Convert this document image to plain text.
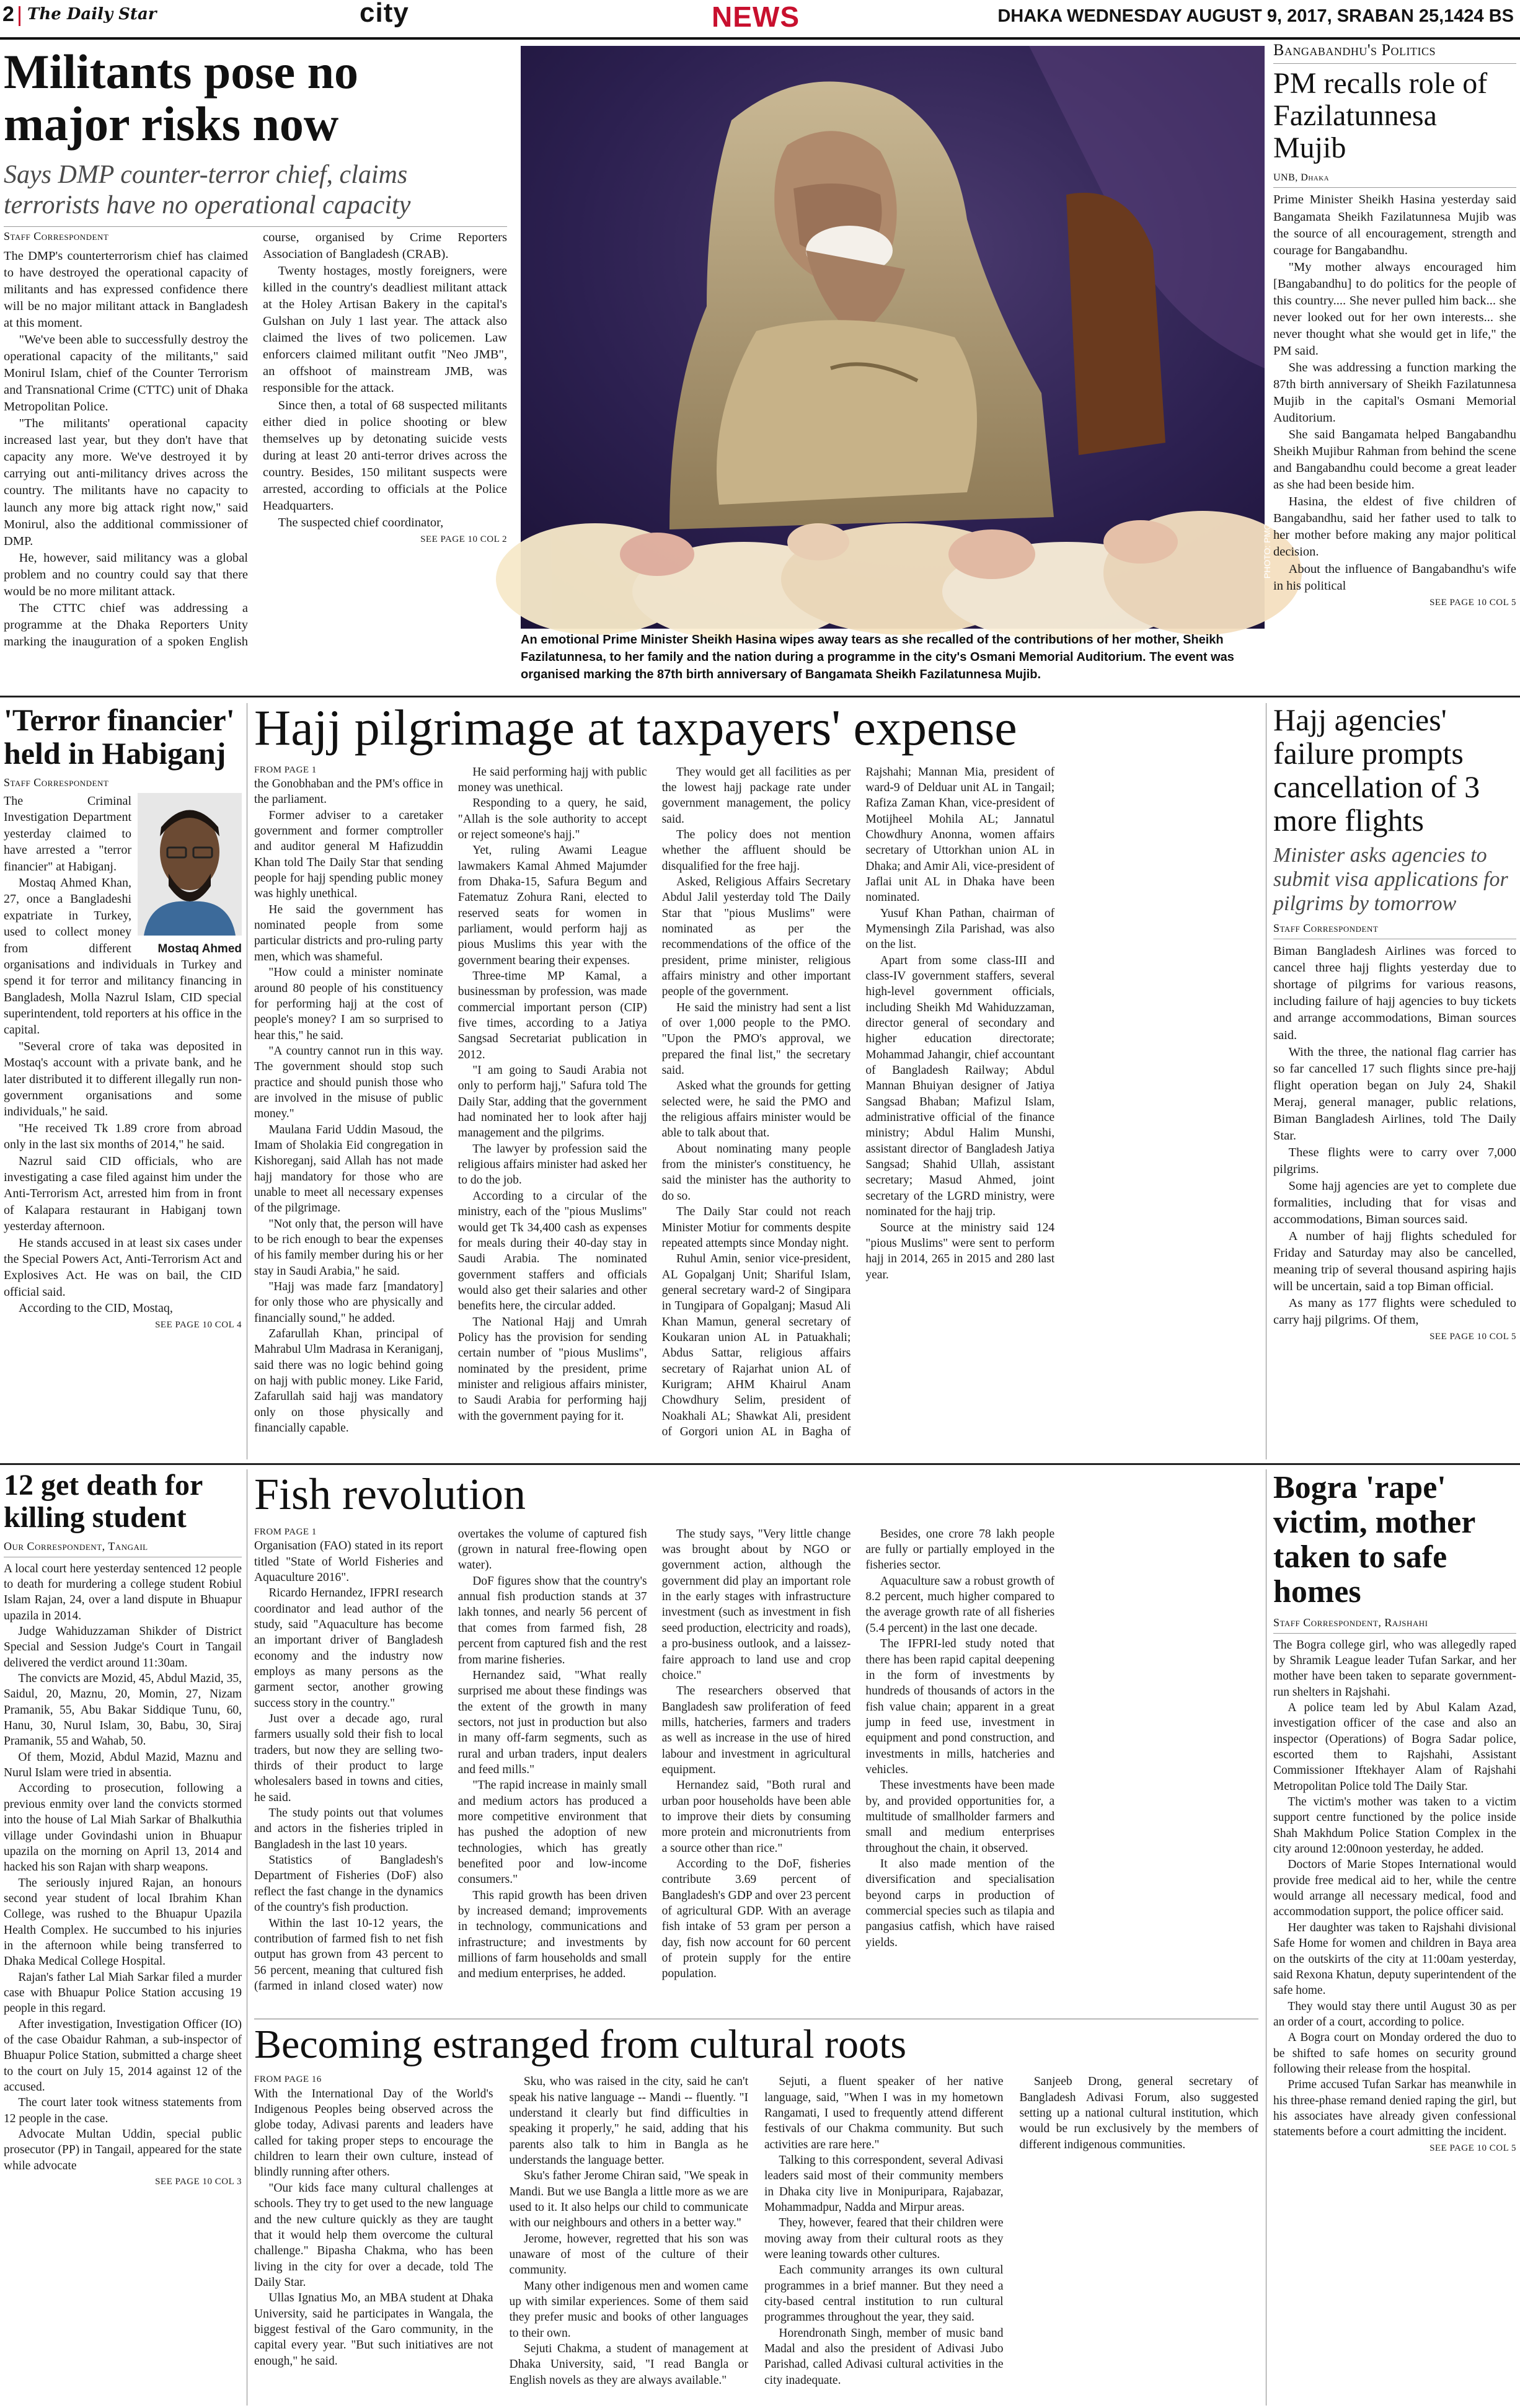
2 The Daily Star	city	NEWS	DHAKA WEDNESDAY AUGUST 9, 2017, SRABAN 25,1424 BS
Militants pose no major risks now
Says DMP counter-terror chief, claims terrorists have no operational capacity
Staff Correspondent

The DMP's counterterrorism chief has claimed to have destroyed the operational capacity of militants and has expressed confidence there will be no major militant attack in Bangladesh at this moment.

"We've been able to successfully destroy the operational capacity of the militants," said Monirul Islam, chief of the Counter Terrorism and Transnational Crime (CTTC) unit of Dhaka Metropolitan Police.

"The militants' operational capacity increased last year, but they don't have that capacity any more. We've destroyed it by carrying out anti-militancy drives across the country. The militants have no capacity to launch any more big attack right now," said Monirul, also the additional commissioner of DMP.

He, however, said militancy was a global problem and no country could say that there would be no more militant attack.

The CTTC chief was addressing a programme at the Dhaka Reporters Unity marking the inauguration of a spoken English course, organised by Crime Reporters Association of Bangladesh (CRAB).

Twenty hostages, mostly foreigners, were killed in the country's deadliest militant attack at the Holey Artisan Bakery in the capital's Gulshan on July 1 last year. The attack also claimed the lives of two policemen. Law enforcers claimed militant outfit "Neo JMB", an offshoot of mainstream JMB, was responsible for the attack.

Since then, a total of 68 suspected militants either died in police shooting or blew themselves up by detonating suicide vests during at least 20 anti-terror drives across the country. Besides, 150 militant suspects were arrested, according to officials at the Police Headquarters.

The suspected chief coordinator,

SEE PAGE 10 COL 2	PHOTO: PMO
An emotional Prime Minister Sheikh Hasina wipes away tears as she recalled of the contributions of her mother, Sheikh Fazilatunnesa, to her family and the nation during a programme in the city's Osmani Memorial Auditorium. The event was organised marking the 87th birth anniversary of Bangamata Sheikh Fazilatunnesa Mujib.
Bangabandhu's Politics
PM recalls role of Fazilatunnesa Mujib
UNB, Dhaka

Prime Minister Sheikh Hasina yesterday said Bangamata Sheikh Fazilatunnesa Mujib was the source of all encouragement, strength and courage for Bangabandhu.

"My mother always encouraged him [Bangabandhu] to do politics for the people of this country.... She never pulled him back... she never looked out for her own interests... she never thought what she would get in life," the PM said.

She was addressing a function marking the 87th birth anniversary of Sheikh Fazilatunnesa Mujib in the capital's Osmani Memorial Auditorium.

She said Bangamata helped Bangabandhu Sheikh Mujibur Rahman from behind the scene and Bangabandhu could become a great leader as she had been beside him.

Hasina, the eldest of five children of Bangabandhu, said her father used to talk to her mother before making any major political decision.

About the influence of Bangabandhu's wife in his political

SEE PAGE 10 COL 5
'Terror financier' held in Habiganj
Staff Correspondent
Mostaq Ahmed

The Criminal Investigation Department yesterday claimed to have arrested a "terror financier" at Habiganj.

Mostaq Ahmed Khan, 27, once a Bangladeshi expatriate in Turkey, used to collect money from different organisations and individuals in Turkey and spend it for terror and militancy financing in Bangladesh, Molla Nazrul Islam, CID special superintendent, told reporters at his office in the capital.

"Several crore of taka was deposited in Mostaq's account with a private bank, and he later distributed it to different illegally run non-government organisations and some individuals," he said.

"He received Tk 1.89 crore from abroad only in the last six months of 2014," he said.

Nazrul said CID officials, who are investigating a case filed against him under the Anti-Terrorism Act, arrested him from in front of Kalapara restaurant in Habiganj town yesterday afternoon.

He stands accused in at least six cases under the Special Powers Act, Anti-Terrorism Act and Explosives Act. He was on bail, the CID official said.

According to the CID, Mostaq,

SEE PAGE 10 COL 4
Hajj pilgrimage at taxpayers' expense
FROM PAGE 1

the Gonobhaban and the PM's office in the parliament.

Former adviser to a caretaker government and former comptroller and auditor general M Hafizuddin Khan told The Daily Star that sending people for hajj spending public money was highly unethical.

He said the government has nominated people from some particular districts and pro-ruling party men, which was shameful.

"How could a minister nominate around 80 people of his constituency for performing hajj at the cost of people's money? I am so surprised to hear this," he said.

"A country cannot run in this way. The government should stop such practice and should punish those who are involved in the misuse of public money."

Maulana Farid Uddin Masoud, the Imam of Sholakia Eid congregation in Kishoreganj, said Allah has not made hajj mandatory for those who are unable to meet all necessary expenses of the pilgrimage.

"Not only that, the person will have to be rich enough to bear the expenses of his family member during his or her stay in Saudi Arabia," he said.

"Hajj was made farz [mandatory] for only those who are physically and financially sound," he added.

Zafarullah Khan, principal of Mahrabul Ulm Madrasa in Keraniganj, said there was no logic behind going on hajj with public money. Like Farid, Zafarullah said hajj was mandatory only on those physically and financially capable.

He said performing hajj with public money was unethical.

Responding to a query, he said, "Allah is the sole authority to accept or reject someone's hajj."

Yet, ruling Awami League lawmakers Kamal Ahmed Majumder from Dhaka-15, Safura Begum and Fatematuz Zohura Rani, elected to reserved seats for women in parliament, would perform hajj as pious Muslims this year with the government bearing their expenses.

Three-time MP Kamal, a businessman by profession, was made commercial important person (CIP) five times, according to a Jatiya Sangsad Secretariat publication in 2012.

"I am going to Saudi Arabia not only to perform hajj," Safura told The Daily Star, adding that the government had nominated her to look after hajj management and the pilgrims.

The lawyer by profession said the religious affairs minister had asked her to do the job.

According to a circular of the ministry, each of the "pious Muslims" would get Tk 34,400 cash as expenses for meals during their 40-day stay in Saudi Arabia. The nominated government staffers and officials would also get their salaries and other benefits here, the circular added.

The National Hajj and Umrah Policy has the provision for sending certain number of "pious Muslims", nominated by the president, prime minister and religious affairs minister, to Saudi Arabia for performing hajj with the government paying for it.

They would get all facilities as per the lowest hajj package rate under government management, the policy said.

The policy does not mention whether the affluent should be disqualified for the free hajj.

Asked, Religious Affairs Secretary Abdul Jalil yesterday told The Daily Star that "pious Muslims" were nominated as per the recommendations of the office of the president, prime minister, religious affairs ministry and other important people of the government.

He said the ministry had sent a list of over 1,000 people to the PMO. "Upon the PMO's approval, we prepared the final list," the secretary said.

Asked what the grounds for getting selected were, he said the PMO and the religious affairs minister would be able to talk about that.

About nominating many people from the minister's constituency, he said the minister has the authority to do so.

The Daily Star could not reach Minister Motiur for comments despite repeated attempts since Monday night.

Ruhul Amin, senior vice-president, AL Gopalganj Unit; Shariful Islam, general secretary ward-2 of Singipara in Tungipara of Gopalganj; Masud Ali Khan Mamun, general secretary of Koukaran union AL in Patuakhali; Abdus Sattar, religious affairs secretary of Rajarhat union AL of Kurigram; AHM Khairul Anam Chowdhury Selim, president of Noakhali AL; Shawkat Ali, president of Gorgori union AL in Bagha of Rajshahi; Mannan Mia, president of ward-9 of Delduar unit AL in Tangail; Rafiza Zaman Khan, vice-president of Motijheel Mohila AL; Jannatul Chowdhury Anonna, women affairs secretary of Uttorkhan union AL in Dhaka; and Amir Ali, vice-president of Jaflai unit AL in Dhaka have been nominated.

Yusuf Khan Pathan, chairman of Mymensingh Zila Parishad, was also on the list.

Apart from some class-III and class-IV government staffers, several high-level government officials, including Sheikh Md Wahiduzzaman, director general of secondary and higher education directorate; Mohammad Jahangir, chief accountant of Bangladesh Railway; Abdul Mannan Bhuiyan designer of Jatiya Sangsad Bhaban; Mafizul Islam, administrative official of the finance ministry; Abdul Halim Munshi, assistant director of Bangladesh Jatiya Sangsad; Shahid Ullah, assistant secretary; Masud Ahmed, joint secretary of the LGRD ministry, were nominated for the hajj trip.

Source at the ministry said 124 "pious Muslims" were sent to perform hajj in 2014, 265 in 2015 and 280 last year.

Hajj agencies' failure prompts cancellation of 3 more flights
Minister asks agencies to submit visa applications for pilgrims by tomorrow
Staff Correspondent

Biman Bangladesh Airlines was forced to cancel three hajj flights yesterday due to shortage of pilgrims for various reasons, including failure of hajj agencies to buy tickets and arrange accommodations, Biman sources said.

With the three, the national flag carrier has so far cancelled 17 such flights since pre-hajj flight operation began on July 24, Shakil Meraj, general manager, public relations, Biman Bangladesh Airlines, told The Daily Star.

These flights were to carry over 7,000 pilgrims.

Some hajj agencies are yet to complete due formalities, including that for visas and accommodations, Biman sources said.

A number of hajj flights scheduled for Friday and Saturday may also be cancelled, meaning trip of several thousand aspiring hajis will be uncertain, said a top Biman official.

As many as 177 flights were scheduled to carry hajj pilgrims. Of them,

SEE PAGE 10 COL 5
12 get death for killing student
Our Correspondent, Tangail

A local court here yesterday sentenced 12 people to death for murdering a college student Robiul Islam Rajan, 24, over a land dispute in Bhuapur upazila in 2014.

Judge Wahiduzzaman Shikder of District Special and Session Judge's Court in Tangail delivered the verdict around 11:30am.

The convicts are Mozid, 45, Abdul Mazid, 35, Saidul, 20, Maznu, 20, Momin, 27, Nizam Pramanik, 55, Abu Bakar Siddique Tunu, 60, Hanu, 30, Nurul Islam, 30, Babu, 30, Siraj Pramanik, 55 and Wahab, 50.

Of them, Mozid, Abdul Mazid, Maznu and Nurul Islam were tried in absentia.

According to prosecution, following a previous enmity over land the convicts stormed into the house of Lal Miah Sarkar of Bhalkuthia village under Govindashi union in Bhuapur upazila on the morning on April 13, 2014 and hacked his son Rajan with sharp weapons.

The seriously injured Rajan, an honours second year student of local Ibrahim Khan College, was rushed to the Bhuapur Upazila Health Complex. He succumbed to his injuries in the afternoon while being transferred to Dhaka Medical College Hospital.

Rajan's father Lal Miah Sarkar filed a murder case with Bhuapur Police Station accusing 19 people in this regard.

After investigation, Investigation Officer (IO) of the case Obaidur Rahman, a sub-inspector of Bhuapur Police Station, submitted a charge sheet to the court on July 15, 2014 against 12 of the accused.

The court later took witness statements from 12 people in the case.

Advocate Multan Uddin, special public prosecutor (PP) in Tangail, appeared for the state while advocate

SEE PAGE 10 COL 3
Fish revolution
FROM PAGE 1

Organisation (FAO) stated in its report titled "State of World Fisheries and Aquaculture 2016".

Ricardo Hernandez, IFPRI research coordinator and lead author of the study, said "Aquaculture has become an important driver of Bangladesh economy and the industry now employs as many persons as the garment sector, another growing success story in the country."

Just over a decade ago, rural farmers usually sold their fish to local traders, but now they are selling two-thirds of their product to large wholesalers based in towns and cities, he said.

The study points out that volumes and actors in the fisheries tripled in Bangladesh in the last 10 years.

Statistics of Bangladesh's Department of Fisheries (DoF) also reflect the fast change in the dynamics of the country's fish production.

Within the last 10-12 years, the contribution of farmed fish to net fish output has grown from 43 percent to 56 percent, meaning that cultured fish (farmed in inland closed water) now overtakes the volume of captured fish (grown in natural free-flowing open water).

DoF figures show that the country's annual fish production stands at 37 lakh tonnes, and nearly 56 percent of that comes from farmed fish, 28 percent from captured fish and the rest from marine fisheries.

Hernandez said, "What really surprised me about these findings was the extent of the growth in many sectors, not just in production but also in many off-farm segments, such as rural and urban traders, input dealers and feed mills."

"The rapid increase in mainly small and medium actors has produced a more competitive environment that has pushed the adoption of new technologies, which has greatly benefited poor and low-income consumers."

This rapid growth has been driven by increased demand; improvements in technology, communications and infrastructure; and investments by millions of farm households and small and medium enterprises, he added.

The study says, "Very little change was brought about by NGO or government action, although the government did play an important role in the early stages with infrastructure investment (such as investment in fish seed production, electricity and roads), a pro-business outlook, and a laissez-faire approach to land use and crop choice."

The researchers observed that Bangladesh saw proliferation of feed mills, hatcheries, farmers and traders as well as increase in the use of hired labour and investment in agricultural equipment.

Hernandez said, "Both rural and urban poor households have been able to improve their diets by consuming more protein and micronutrients from a source other than rice."

According to the DoF, fisheries contribute 3.69 percent of Bangladesh's GDP and over 23 percent of agricultural GDP. With an average fish intake of 53 gram per person a day, fish now account for 60 percent of protein supply for the entire population.

Besides, one crore 78 lakh people are fully or partially employed in the fisheries sector.

Aquaculture saw a robust growth of 8.2 percent, much higher compared to the average growth rate of all fisheries (5.4 percent) in the last one decade.

The IFPRI-led study noted that there has been rapid capital deepening in the form of investments by hundreds of thousands of actors in the fish value chain; apparent in a great jump in feed use, investment in equipment and pond construction, and investments in mills, hatcheries and vehicles.

These investments have been made by, and provided opportunities for, a multitude of smallholder farmers and small and medium enterprises throughout the chain, it observed.

It also made mention of the diversification and specialisation beyond carps in production of commercial species such as tilapia and pangasius catfish, which have raised yields.

Becoming estranged from cultural roots
FROM PAGE 16

With the International Day of the World's Indigenous Peoples being observed across the globe today, Adivasi parents and leaders have called for taking proper steps to encourage the children to learn their own culture, instead of blindly running after others.

"Our kids face many cultural challenges at schools. They try to get used to the new language and the new culture quickly as they are taught that it would help them overcome the cultural challenge." Bipasha Chakma, who has been living in the city for over a decade, told The Daily Star.

Ullas Ignatius Mo, an MBA student at Dhaka University, said he participates in Wangala, the biggest festival of the Garo community, in the capital every year. "But such initiatives are not enough," he said.

Sku, who was raised in the city, said he can't speak his native language -- Mandi -- fluently. "I understand it clearly but find difficulties in speaking it properly," he said, adding that his parents also talk to him in Bangla as he understands the language better.

Sku's father Jerome Chiran said, "We speak in Mandi. But we use Bangla a little more as we are used to it. It also helps our child to communicate with our neighbours and others in a better way."

Jerome, however, regretted that his son was unaware of most of the culture of their community.

Many other indigenous men and women came up with similar experiences. Some of them said they prefer music and books of other languages to their own.

Sejuti Chakma, a student of management at Dhaka University, said, "I read Bangla or English novels as they are always available."

Sejuti, a fluent speaker of her native language, said, "When I was in my hometown Rangamati, I used to frequently attend different festivals of our Chakma community. But such activities are rare here."

Talking to this correspondent, several Adivasi leaders said most of their community members in Dhaka city live in Monipuripara, Rajabazar, Mohammadpur, Nadda and Mirpur areas.

They, however, feared that their children were moving away from their cultural roots as they were leaning towards other cultures.

Each community arranges its own cultural programmes in a brief manner. But they need a city-based central institution to run cultural programmes throughout the year, they said.

Horendronath Singh, member of music band Madal and also the president of Adivasi Jubo Parishad, called Adivasi cultural activities in the city inadequate.

Sanjeeb Drong, general secretary of Bangladesh Adivasi Forum, also suggested setting up a national cultural institution, which would be run exclusively by the members of different indigenous communities.

Bogra 'rape' victim, mother taken to safe homes
Staff Correspondent, Rajshahi

The Bogra college girl, who was allegedly raped by Shramik League leader Tufan Sarkar, and her mother have been taken to separate government-run shelters in Rajshahi.

A police team led by Abul Kalam Azad, investigation officer of the case and also an inspector (Operations) of Bogra Sadar police, escorted them to Rajshahi, Assistant Commissioner Iftekhayer Alam of Rajshahi Metropolitan Police told The Daily Star.

The victim's mother was taken to a victim support centre functioned by the police inside Shah Makhdum Police Station Complex in the city around 12:00noon yesterday, he added.

Doctors of Marie Stopes International would provide free medical aid to her, while the centre would arrange all necessary medical, food and accommodation support, the police officer said.

Her daughter was taken to Rajshahi divisional Safe Home for women and children in Baya area on the outskirts of the city at 11:00am yesterday, said Rexona Khatun, deputy superintendent of the safe home.

They would stay there until August 30 as per an order of a court, according to police.

A Bogra court on Monday ordered the duo to be shifted to safe homes on security ground following their release from the hospital.

Prime accused Tufan Sarkar has meanwhile in his three-phase remand denied raping the girl, but his associates have already given confessional statements before a court admitting the incident.

SEE PAGE 10 COL 5
